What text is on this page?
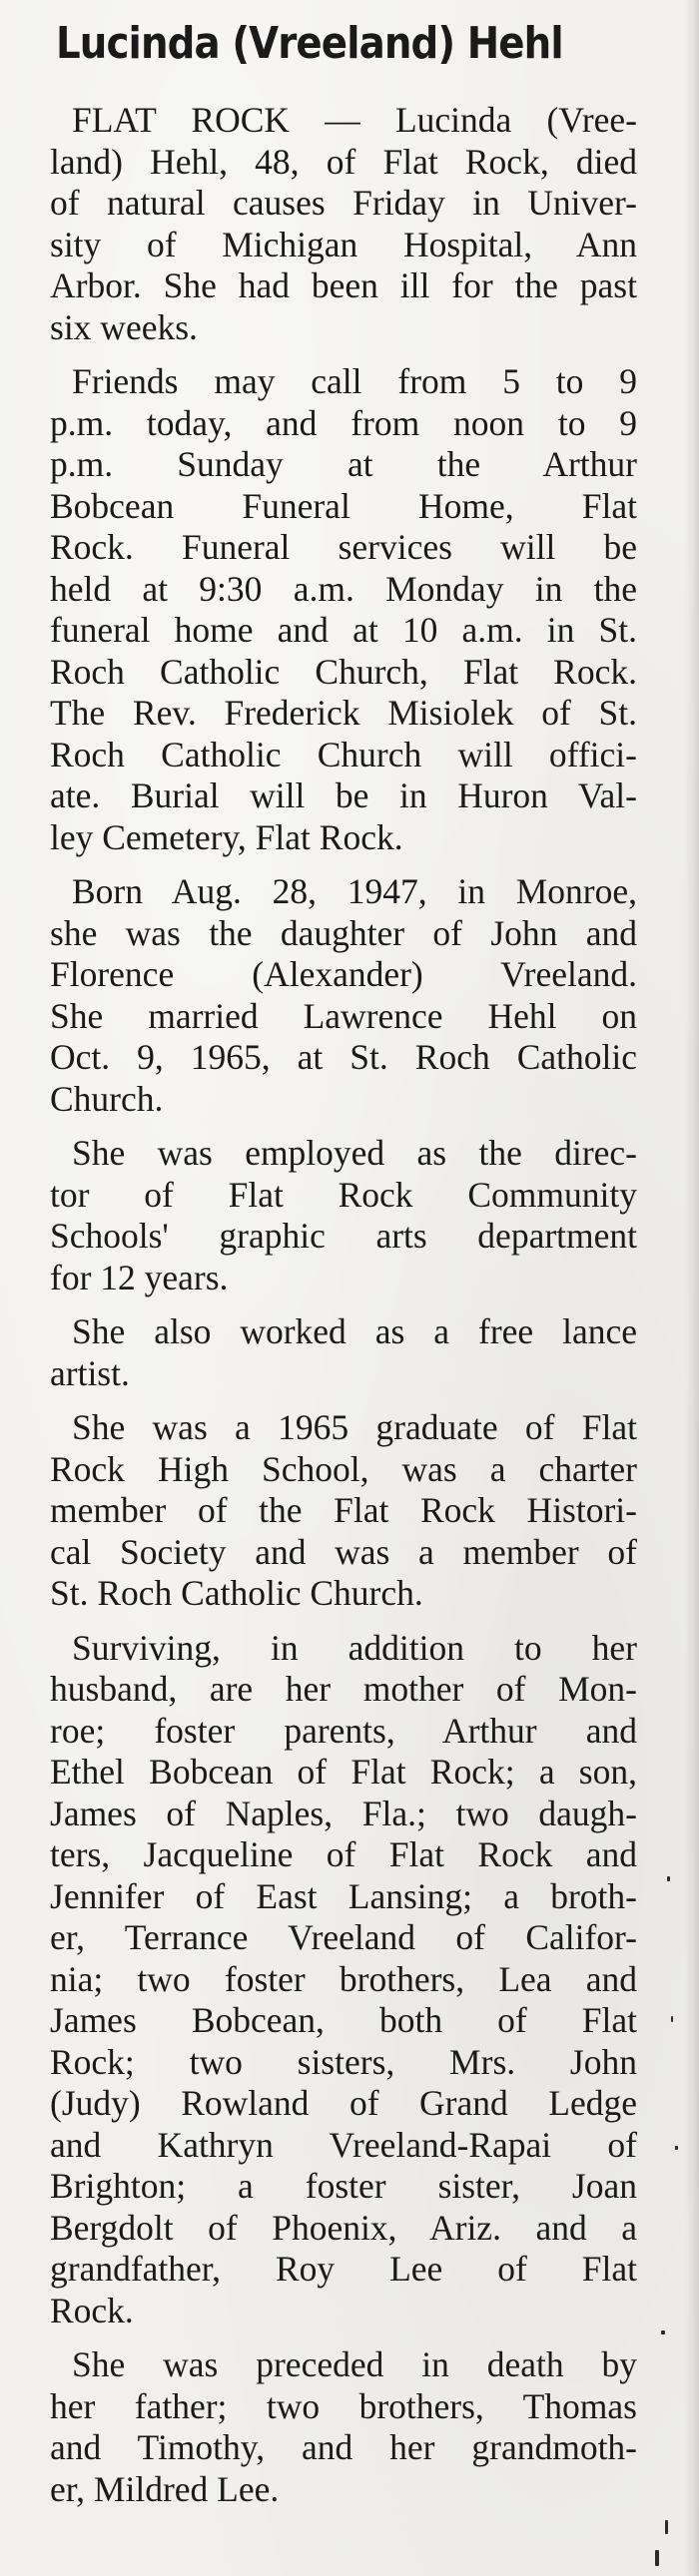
Lucinda (Vreeland) Hehl

FLAT ROCK — Lucinda (Vree-
land) Hehl, 48, of Flat Rock, died
of natural causes Friday in Univer-
sity of Michigan Hospital, Ann
Arbor. She had been ill for the past
six weeks.

Friends may call from 5 to 9
p.m. today, and from noon to 9
p.m. Sunday at the Arthur
Bobcean Funeral Home, Flat
Rock. Funeral services will be
held at 9:30 a.m. Monday in the
funeral home and at 10 a.m. in St.
Roch Catholic Church, Flat Rock.
The Rev. Frederick Misiolek of St.
Roch Catholic Church will offici-
ate. Burial will be in Huron Val-
ley Cemetery, Flat Rock.

Born Aug. 28, 1947, in Monroe,
she was the daughter of John and
Florence (Alexander) Vreeland.
She married Lawrence Hehl on
Oct. 9, 1965, at St. Roch Catholic
Church.

She was employed as the direc-
tor of Flat Rock Community
Schools' graphic arts department
for 12 years.

She also worked as a free lance
artist.

She was a 1965 graduate of Flat
Rock High School, was a charter
member of the Flat Rock Histori-
cal Society and was a member of
St. Roch Catholic Church.

Surviving, in addition to her
husband, are her mother of Mon-
roe; foster parents, Arthur and
Ethel Bobcean of Flat Rock; a son,
James of Naples, Fla.; two daugh-
ters, Jacqueline of Flat Rock and
Jennifer of East Lansing; a broth-
er, Terrance Vreeland of Califor-
nia; two foster brothers, Lea and
James Bobcean, both of Flat
Rock; two sisters, Mrs. John
(Judy) Rowland of Grand Ledge
and Kathryn Vreeland-Rapai of
Brighton; a foster sister, Joan
Bergdolt of Phoenix, Ariz. and a
grandfather, Roy Lee of Flat
Rock.

She was preceded in death by
her father; two brothers, Thomas
and Timothy, and her grandmoth-
er, Mildred Lee.
